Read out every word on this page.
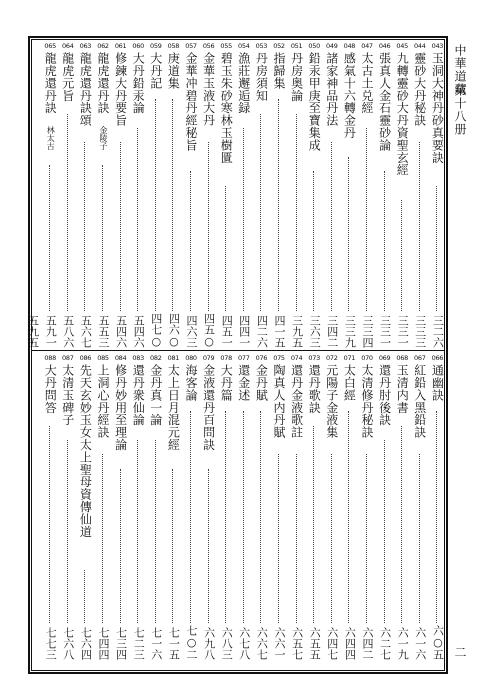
中華道藏
第十八册
二
043
玉洞大神丹砂真要訣
三二六
044
靈砂大丹秘訣
三三三
045
九轉靈砂大丹資聖玄經
三三一
046
張真人金石靈砂論
三三一
047
太古土兑經
三三四
048
感氣十六轉金丹
三三九
049
諸家神品丹法
三四二
050
鉛汞甲庚至寶集成
三六三
051
丹房奥論
三九五
052
指歸集
四一五
053
丹房須知
四二六
054
漁莊邂逅録
四四一
055
碧玉朱砂寒林玉樹匱
四五一
056
金華玉液大丹
四五○
057
金華冲碧丹經秘旨
四六三
058
庚道集
四六○
059
大丹記
四七○
060
大丹鉛汞論
五四六
061
修鍊大丹要旨
五四六
062
龍虎還丹訣
金陵子
五五三
063
龍虎還丹訣頌
五六七
064
龍虎元旨
五八六
065
龍虎還丹訣
林太古
五九一
五九五
066
通幽訣
六○五
067
紅鉛入黑鉛訣
六一六
068
玉清内書
六一九
069
還丹肘後訣
六二七
070
太清修丹秘訣
六四二
071
太白經
六四四
072
元陽子金液集
六四七
073
還丹歌訣
六五五
074
還丹金液歌註
六五七
075
陶真人内丹賦
六六一
076
金丹賦
六六七
077
還金述
六七八
078
大丹篇
六八三
079
金液還丹百問訣
六九八
080
海客論
七○二
081
太上日月混元經
七一五
082
金丹真一論
七一六
083
還丹衆仙論
七二三
084
修丹妙用至理論
七三四
085
上洞心丹經訣
七四四
086
先天玄妙玉女太上聖母資傳仙道
七六四
087
太清玉碑子
七六八
088
大丹問答
七七三
